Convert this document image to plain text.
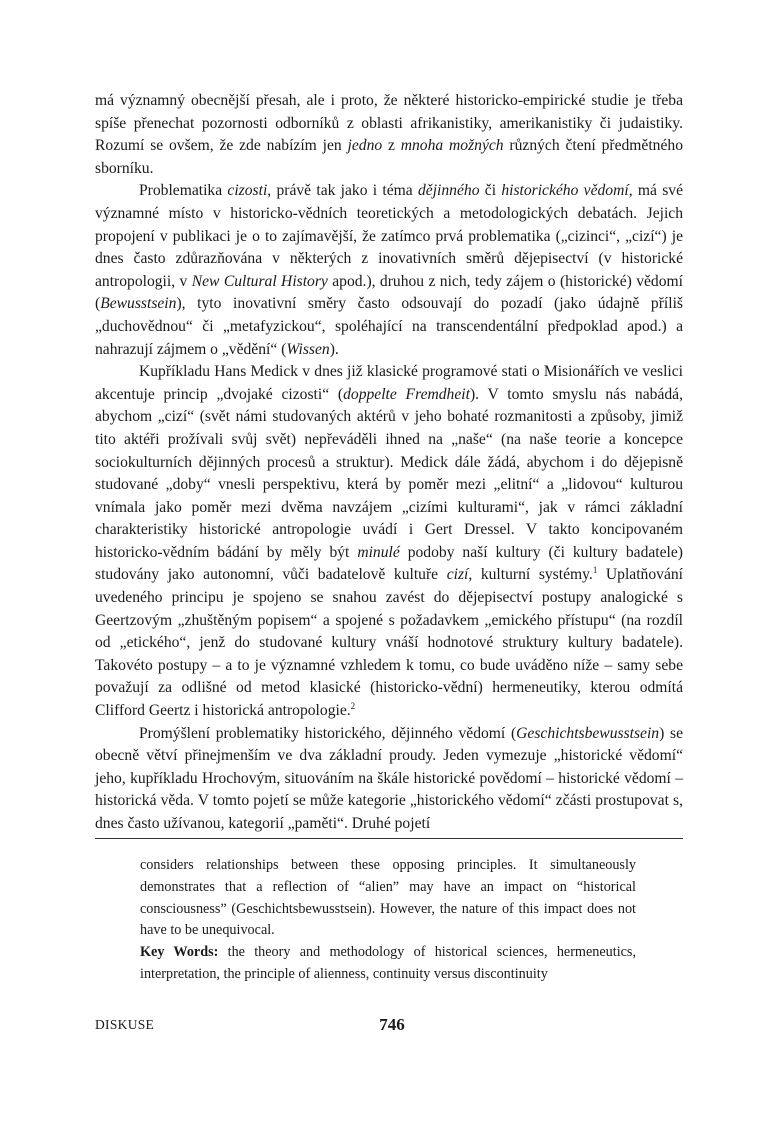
má významný obecnější přesah, ale i proto, že některé historicko-empirické studie je třeba spíše přenechat pozornosti odborníků z oblasti afrikanistiky, amerikanistiky či judaistiky. Rozumí se ovšem, že zde nabízím jen jedno z mnoha možných různých čtení předmětného sborníku.

Problematika cizosti, právě tak jako i téma dějinného či historického vědomí, má své významné místo v historicko-vědních teoretických a metodologických debatách. Jejich propojení v publikaci je o to zajímavější, že zatímco prvá problematika („cizinci“, „cizí“) je dnes často zdůrazňována v některých z inovativních směrů dějepisectví (v historické antropologii, v New Cultural History apod.), druhou z nich, tedy zájem o (historické) vědomí (Bewusstsein), tyto inovativní směry často odsouvají do pozadí (jako údajně příliš „duchovědnou“ či „metafyzickou“, spoléhající na transcendentální předpoklad apod.) a nahrazují zájmem o „vědění“ (Wissen).

Kupříkladu Hans Medick v dnes již klasické programové stati o Misionářích ve veslici akcentuje princip „dvojaké cizosti“ (doppelte Fremdheit). V tomto smyslu nás nabádá, abychom „cizí“ (svět námi studovaných aktérů v jeho bohaté rozmanitosti a způsoby, jimiž tito aktéři prožívali svůj svět) nepřeváděli ihned na „naše“ (na naše teorie a koncepce sociokulturních dějinných procesů a struktur). Medick dále žádá, abychom i do dějepisně studované „doby“ vnesli perspektivu, která by poměr mezi „elitní“ a „lidovou“ kulturou vnímala jako poměr mezi dvěma navzájem „cizími kulturami“, jak v rámci základní charakteristiky historické antropologie uvádí i Gert Dressel. V takto koncipovaném historicko-vědním bádání by měly být minulé podoby naší kultury (či kultury badatele) studovány jako autonomní, vůči badatelově kultuře cizí, kulturní systémy.$^1$ Uplatňování uvedeného principu je spojeno se snahou zavést do dějepisectví postupy analogické s Geertzovým „zhuštěným popisem“ a spojené s požadavkem „emického přístupu“ (na rozdíl od „etického“, jenž do studované kultury vnáší hodnotové struktury kultury badatele). Takovéto postupy – a to je významné vzhledem k tomu, co bude uváděno níže – samy sebe považují za odlišné od metod klasické (historicko-vědní) hermeneutiky, kterou odmítá Clifford Geertz i historická antropologie.$^2$

Promýšlení problematiky historického, dějinného vědomí (Geschichtsbewusstsein) se obecně větví přinejmenším ve dva základní proudy. Jeden vymezuje „historické vědomí“ jeho, kupříkladu Hrochovým, situováním na škále historické povědomí – historické vědomí – historická věda. V tomto pojetí se může kategorie „historického vědomí“ zčásti prostupovat s, dnes často užívanou, kategorií „paměti“. Druhé pojetí

considers relationships between these opposing principles. It simultaneously demonstrates that a reflection of “alien” may have an impact on “historical consciousness” (Geschichtsbewusstsein). However, the nature of this impact does not have to be unequivocal.

Key Words: the theory and methodology of historical sciences, hermeneutics, interpretation, the principle of alienness, continuity versus discontinuity

DISKUSE	746
